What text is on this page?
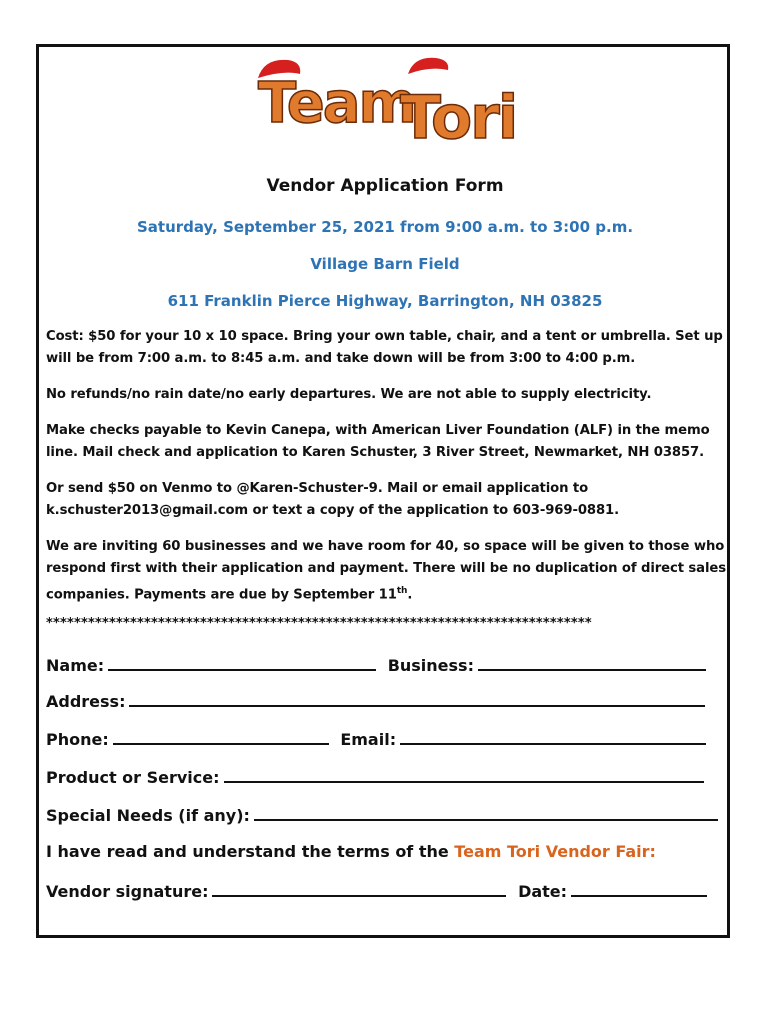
Team
Tori
Vendor Application Form
Saturday, September 25, 2021 from 9:00 a.m. to 3:00 p.m.
Village Barn Field
611 Franklin Pierce Highway, Barrington, NH 03825
Cost: $50 for your 10 x 10 space. Bring your own table, chair, and a tent or umbrella. Set up
will be from 7:00 a.m. to 8:45 a.m. and take down will be from 3:00 to 4:00 p.m.
No refunds/no rain date/no early departures. We are not able to supply electricity.
Make checks payable to Kevin Canepa, with American Liver Foundation (ALF) in the memo
line. Mail check and application to Karen Schuster, 3 River Street, Newmarket, NH 03857.
Or send $50 on Venmo to @Karen-Schuster-9. Mail or email application to
k.schuster2013@gmail.com or text a copy of the application to 603-969-0881.
We are inviting 60 businesses and we have room for 40, so space will be given to those who
respond first with their application and payment. There will be no duplication of direct sales
companies. Payments are due by September 11th.
******************************************************************************
Name:	Business:
Address:
Phone:	Email:
Product or Service:
Special Needs (if any):
I have read and understand the terms of the Team Tori Vendor Fair:
Vendor signature:	Date:
